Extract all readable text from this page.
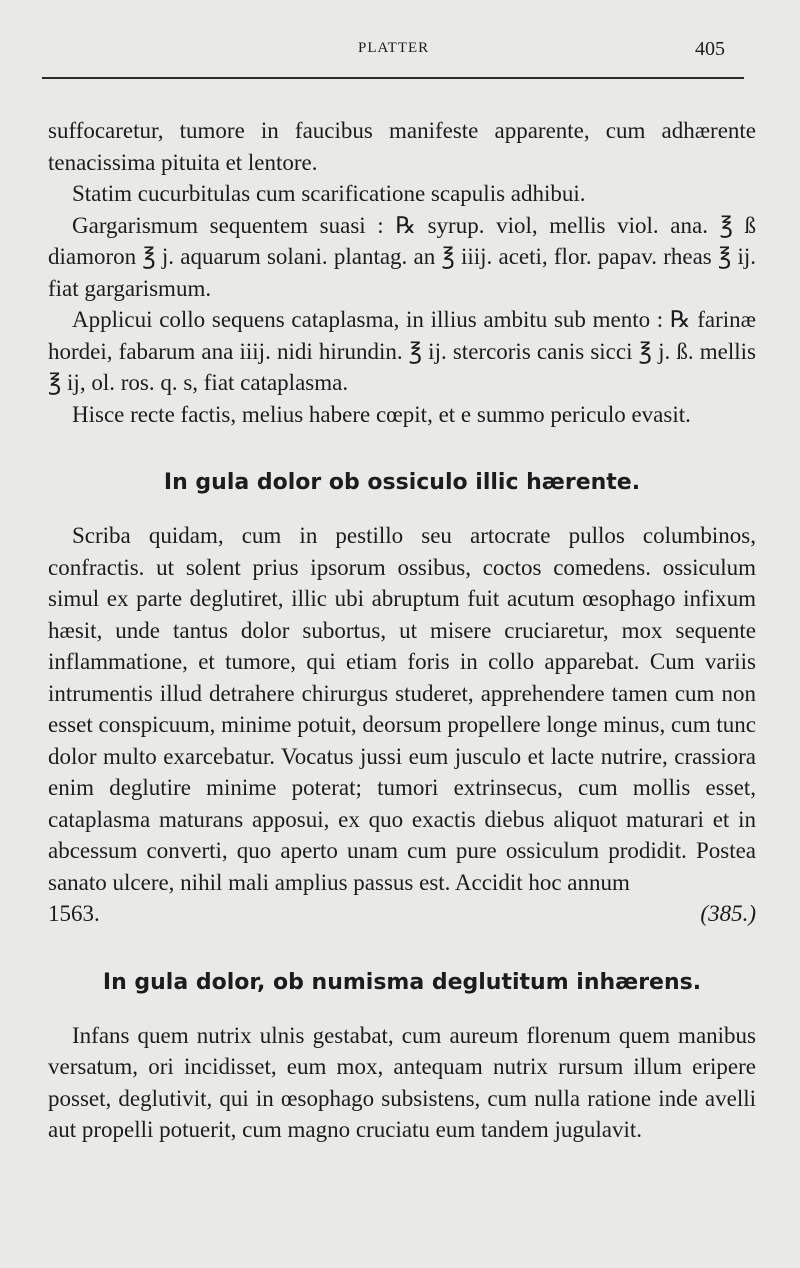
PLATTER	405

suffocaretur, tumore in faucibus manifeste apparente, cum adhærente tenacissima pituita et lentore.

Statim cucurbitulas cum scarificatione scapulis adhibui.

Gargarismum sequentem suasi : ℞ syrup. viol, mellis viol. ana. ℥ ß diamoron ℥ j. aquarum solani. plantag. an ℥ iiij. aceti, flor. papav. rheas ℥ ij. fiat gargarismum.

Applicui collo sequens cataplasma, in illius ambitu sub mento : ℞ farinæ hordei, fabarum ana iiij. nidi hirundin. ℥ ij. stercoris canis sicci ℥ j. ß. mellis ℥ ij, ol. ros. q. s, fiat cataplasma.

Hisce recte factis, melius habere cœpit, et e summo periculo evasit.

In gula dolor ob ossiculo illic hærente.

Scriba quidam, cum in pestillo seu artocrate pullos columbinos, confractis. ut solent prius ipsorum ossibus, coctos comedens. ossiculum simul ex parte deglutiret, illic ubi abruptum fuit acutum œsophago infixum hæsit, unde tantus dolor subortus, ut misere cruciaretur, mox sequente inflammatione, et tumore, qui etiam foris in collo apparebat. Cum variis intrumentis illud detrahere chirurgus studeret, apprehendere tamen cum non esset conspicuum, minime potuit, deorsum propellere longe minus, cum tunc dolor multo exarcebatur. Vocatus jussi eum jusculo et lacte nutrire, crassiora enim deglutire minime poterat; tumori extrinsecus, cum mollis esset, cataplasma maturans apposui, ex quo exactis diebus aliquot maturari et in abcessum converti, quo aperto unam cum pure ossiculum prodidit. Postea sanato ulcere, nihil mali amplius passus est. Accidit hoc annum

1563.	(385.)
In gula dolor, ob numisma deglutitum inhærens.

Infans quem nutrix ulnis gestabat, cum aureum florenum quem manibus versatum, ori incidisset, eum mox, antequam nutrix rursum illum eripere posset, deglutivit, qui in œsophago subsistens, cum nulla ratione inde avelli aut propelli potuerit, cum magno cruciatu eum tandem jugulavit.
